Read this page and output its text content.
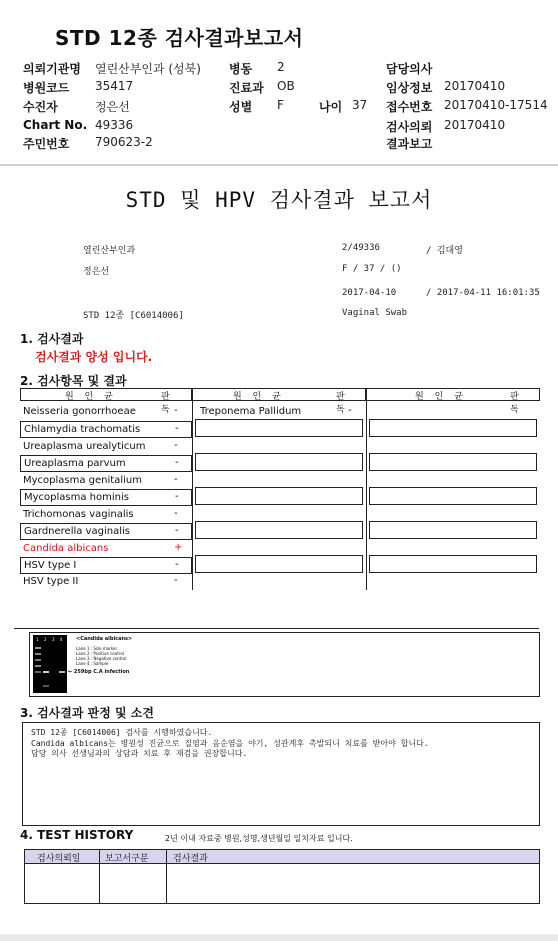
STD 12종 검사결과보고서
의뢰기관명 열린산부인과 (성북) 병동 2	담당의사
병원코드 35417	진료과 OB	임상정보 20170410
수진자	정은선	성별 F	나이 37 접수번호 20170410-17514
Chart No. 49336	검사의뢰 20170410
주민번호 790623-2	결과보고
STD 및 HPV 검사결과 보고서
열린산부인과	2/49336	/ 김대영
정은선	F / 37 / ()
2017-04-10	/ 2017-04-11 16:01:35
STD 12종 [C6014006]	Vaginal Swab
1. 검사결과
검사결과 양성 입니다.
2. 검사항목 및 결과
원 인 균	판 독
Neisseria gonorrhoeae	-
Chlamydia trachomatis	-
Ureaplasma urealyticum	-
Ureaplasma parvum	-
Mycoplasma genitalium	-
Mycoplasma hominis	-
Trichomonas vaginalis	-
Gardnerella vaginalis	-
Candida albicans	+
HSV type I	-
HSV type II	-
원 인 균	판 독
Treponema Pallidum	-
원 인 균	판 독
1 2 3 4	<Candida albicans>
Lane 1 : Size marker
Lane 2 : Positive control
Lane 3 : Negative control
Lane 4 : Sample
← 259bp C.A infection
3. 검사결과 판정 및 소견
STD 12종 [C6014006] 검사를 시행하였습니다.
Candida albicans는 병원성 진균으로 질염과 음순염을 야기, 성관계후 촉발되니 치료를 받아야 합니다.
담당 의사 선생님과의 상담과 치료 후 재검을 권장합니다.
4. TEST HISTORY	2년 이내 자료중 병원,성명,생년월일 일치자료 입니다.
검사의뢰일	보고서구분	검사결과
